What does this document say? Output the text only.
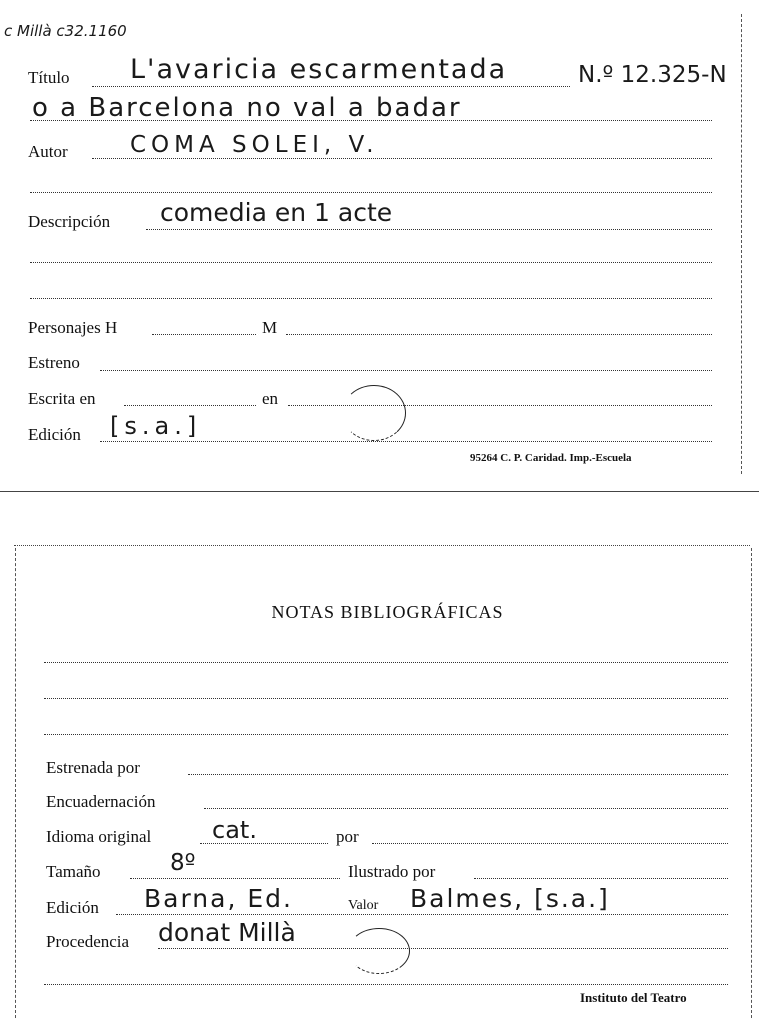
c Millà c32.1160
Título L'avaricia escarmentada	N.º 12.325-N
o a Barcelona no val a badar
Autor	COMA SOLEI, V.
Descripción comedia en 1 acte
Personajes H	M
Estreno
Escrita en	en
Edición [s.a.]
95264 C. P. Caridad. Imp.-Escuela
NOTAS BIBLIOGRÁFICAS
Estrenada por
Encuadernación
Idioma original	cat.	por
Tamaño	8º	Ilustrado por
Edición Barna, Ed.	Valor Balmes, [s.a.]
Procedencia donat Millà
Instituto del Teatro
